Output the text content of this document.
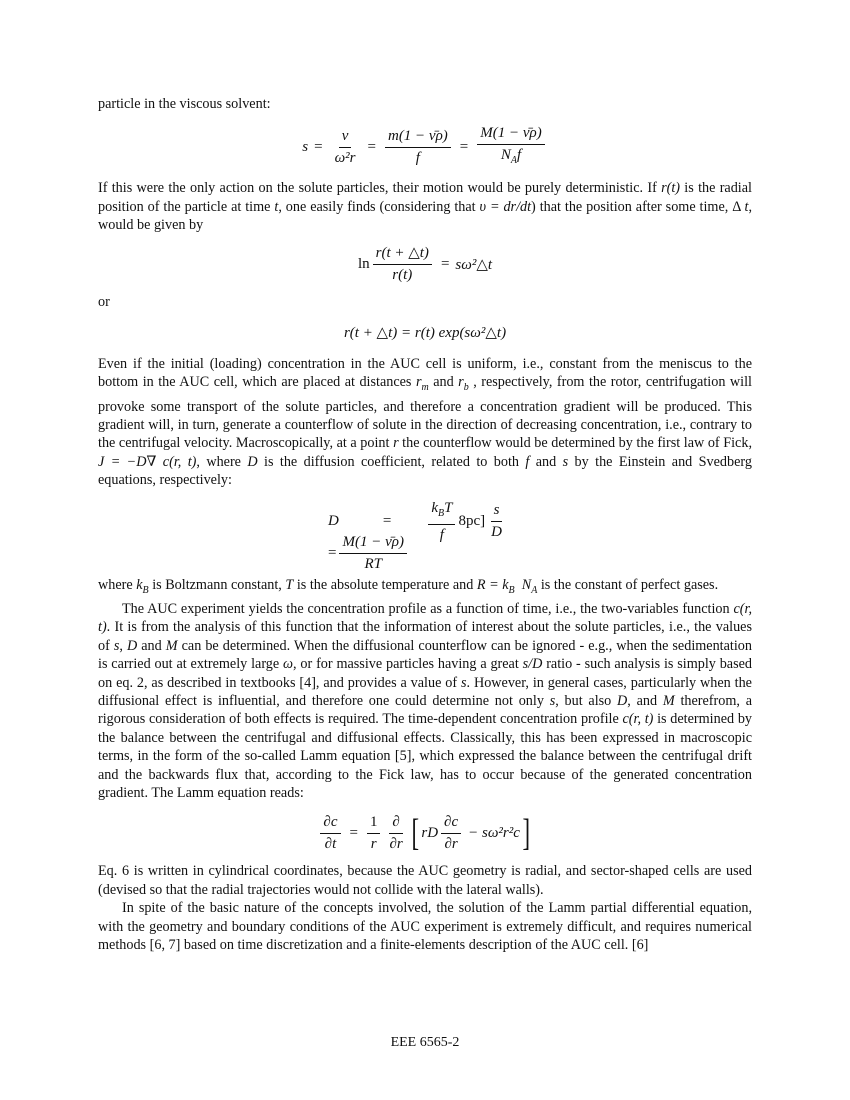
particle in the viscous solvent:

$s = \frac{\nu}{\text{ω²r}} = \frac{m(1 - \nū\rho)}{f} = \frac{M(1 - \nū\rho)}{N_Af}$

If this were the only action on the solute particles, their motion would be purely deterministic. If r(t) is the radial position of the particle at time t, one easily finds (considering that υ = dr/dt) that the position after some time, Δ t, would be given by

$\ln \frac{r(t + \triangle t)}{r(t)}$ = sω²△t

or

r(t + △t) = r(t) exp(sω²△t)

Even if the initial (loading) concentration in the AUC cell is uniform, i.e., constant from the meniscus to the bottom in the AUC cell, which are placed at distances $r_m$ and $r_b$ , respectively, from the rotor, centrifugation will provoke some transport of the solute particles, and therefore a concentration gradient will be produced. This gradient will, in turn, generate a counterflow of solute in the direction of decreasing concentration, i.e., contrary to the centrifugal velocity. Macroscopically, at a point r the counterflow would be determined by the first law of Fick, J = −D∇ c(r, t), where D is the diffusion coefficient, related to both f and s by the Einstein and Svedberg equations, respectively:

D	= $\frac{k_BT}{f} 8pc] \frac{s}{D}$
= $\frac{M(1 - \nū\rho)}{RT}$

where $k_B$ is Boltzmann constant, T is the absolute temperature and $R = k_B$ $N_A$ is the constant of perfect gases.

The AUC experiment yields the concentration profile as a function of time, i.e., the two-variables function c(r, t). It is from the analysis of this function that the information of interest about the solute particles, i.e., the values of s, D and M can be determined. When the diffusional counterflow can be ignored - e.g., when the sedimentation is carried out at extremely large ω, or for massive particles having a great s/D ratio - such analysis is simply based on eq. 2, as described in textbooks [4], and provides a value of s. However, in general cases, particularly when the diffusional effect is influential, and therefore one could determine not only s, but also D, and M therefrom, a rigorous consideration of both effects is required. The time-dependent concentration profile c(r, t) is determined by the balance between the centrifugal and diffusional effects. Classically, this has been expressed in macroscopic terms, in the form of the so-called Lamm equation [5], which expressed the balance between the centrifugal drift and the backwards flux that, according to the Fick law, has to occur because of the generated concentration gradient. The Lamm equation reads:

$\frac{\partial c}{\partial t} = \frac{1}{r} \frac{\partial}{\partial r}$ [ rD $\frac{\partial c}{\partial r} - s\omega^2r^2c$ ]

Eq. 6 is written in cylindrical coordinates, because the AUC geometry is radial, and sector-shaped cells are used (devised so that the radial trajectories would not collide with the lateral walls).

In spite of the basic nature of the concepts involved, the solution of the Lamm partial differential equation, with the geometry and boundary conditions of the AUC experiment is extremely difficult, and requires numerical methods [6, 7] based on time discretization and a finite-elements description of the AUC cell. [6]

EEE 6565-2
